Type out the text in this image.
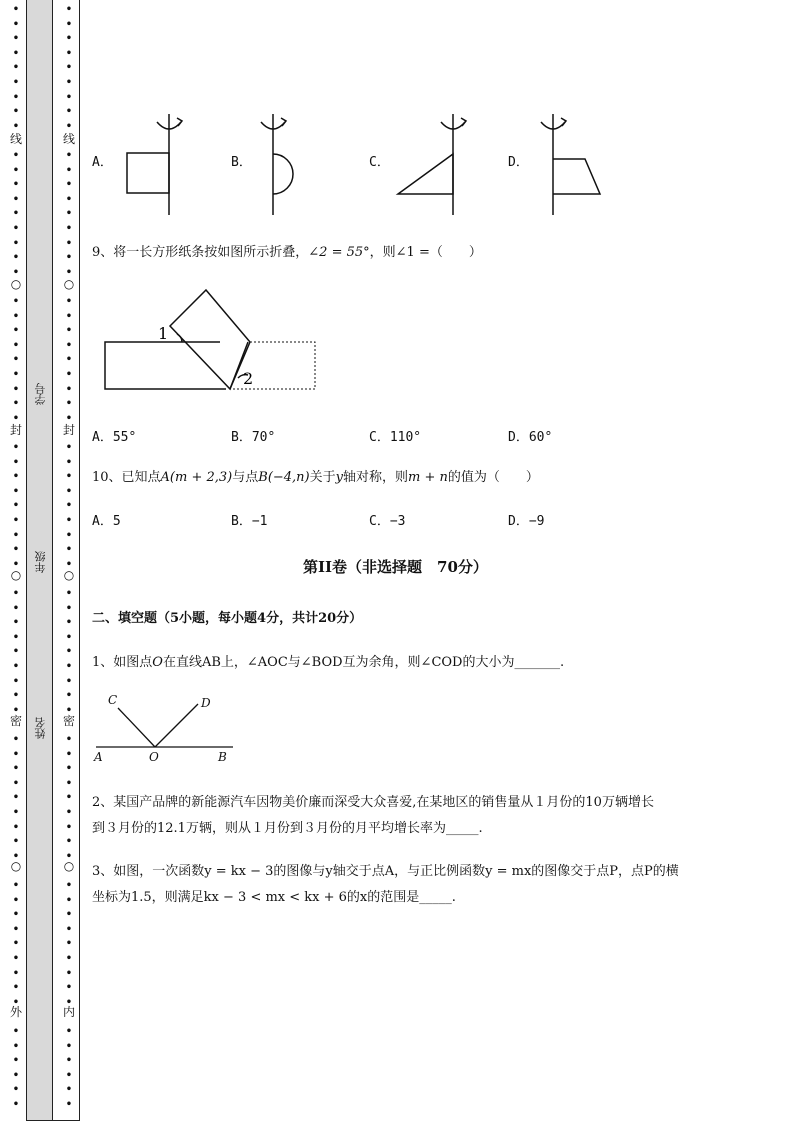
•
•
•
•
•
•
•
•
•
•
•
•
•
•
•
•
•
•
•
•
•
•
•
•
•
•
•
•
•
•
•
•
•
•
•
•
•
•
•
•
•
•
•
•
•
•
•
•
•
•
•
•
•
•
•
•
•
•
•
•
•
•
•
•
•
•
•
•
•
线
封
密
外
○
○
○
•
•
•
•
•
•
•
•
•
•
•
•
•
•
•
•
•
•
•
•
•
•
•
•
•
•
•
•
•
•
•
•
•
•
•
•
•
•
•
•
•
•
•
•
•
•
•
•
•
•
•
•
•
•
•
•
•
•
•
•
•
•
•
•
•
•
•
•
•
线
封
密
内
○
○
○
学号
年级
姓名
A．	B．	C．	D．
9、将一长方形纸条按如图所示折叠，∠2 = 55°，则∠1 =（　　）
1
2
A．55°	B．70°	C．110°	D．60°
10、已知点A(m + 2,3)与点B(−4,n)关于y轴对称，则m + n的值为（　　）
A．5	B．−1	C．−3	D．−9
第II卷（非选择题　70分）
二、填空题（5小题，每小题4分，共计20分）
1、如图点O在直线AB上，∠AOC与∠BOD互为余角，则∠COD的大小为_______.
C	D
A	O	B
2、某国产品牌的新能源汽车因物美价廉而深受大众喜爱,在某地区的销售量从１月份的10万辆增长
到３月份的12.1万辆，则从１月份到３月份的月平均增长率为_____.
3、如图，一次函数y = kx − 3的图像与y轴交于点A，与正比例函数y = mx的图像交于点P，点P的横
坐标为1.5，则满足kx − 3 < mx < kx + 6的x的范围是_____.
